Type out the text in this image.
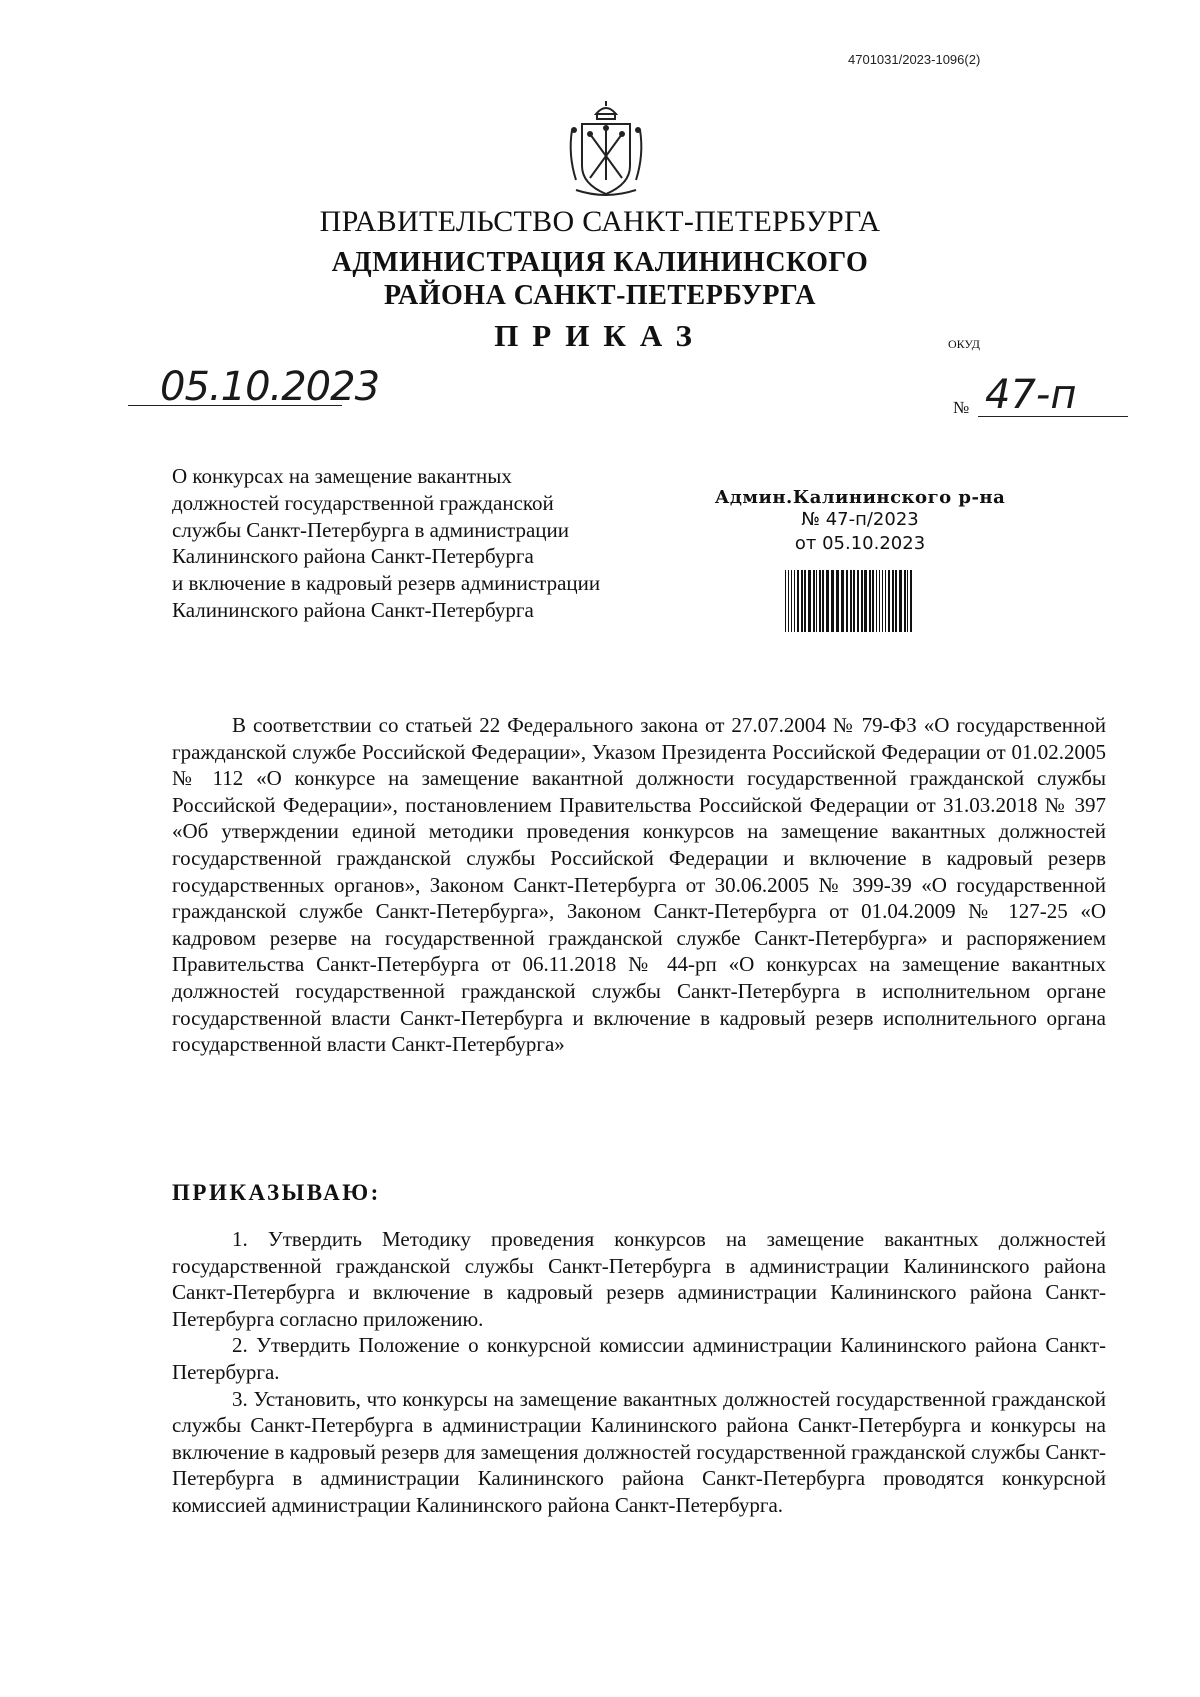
4701031/2023-1096(2)
ПРАВИТЕЛЬСТВО САНКТ-ПЕТЕРБУРГА
АДМИНИСТРАЦИЯ КАЛИНИНСКОГО
РАЙОНА САНКТ-ПЕТЕРБУРГА
ПРИКАЗ	ОКУД
05.10.2023	№ 47-п
О конкурсах на замещение вакантных
должностей государственной гражданской
службы Санкт-Петербурга в администрации
Калининского района Санкт-Петербурга
и включение в кадровый резерв администрации
Калининского района Санкт-Петербурга
Админ.Калининского р-на
№ 47-п/2023
от 05.10.2023
В соответствии со статьей 22 Федерального закона от 27.07.2004 № 79-ФЗ «О государственной гражданской службе Российской Федерации», Указом Президента Российской Федерации от 01.02.2005 № 112 «О конкурсе на замещение вакантной должности государственной гражданской службы Российской Федерации», постановлением Правительства Российской Федерации от 31.03.2018 № 397 «Об утверждении единой методики проведения конкурсов на замещение вакантных должностей государственной гражданской службы Российской Федерации и включение в кадровый резерв государственных органов», Законом Санкт-Петербурга от 30.06.2005 № 399-39 «О государственной гражданской службе Санкт-Петербурга», Законом Санкт-Петербурга от 01.04.2009 № 127-25 «О кадровом резерве на государственной гражданской службе Санкт-Петербурга» и распоряжением Правительства Санкт-Петербурга от 06.11.2018 № 44-рп «О конкурсах на замещение вакантных должностей государственной гражданской службы Санкт-Петербурга в исполнительном органе государственной власти Санкт-Петербурга и включение в кадровый резерв исполнительного органа государственной власти Санкт-Петербурга»
ПРИКАЗЫВАЮ:

1. Утвердить Методику проведения конкурсов на замещение вакантных должностей государственной гражданской службы Санкт-Петербурга в администрации Калининского района Санкт-Петербурга и включение в кадровый резерв администрации Калининского района Санкт-Петербурга согласно приложению.

2. Утвердить Положение о конкурсной комиссии администрации Калининского района Санкт-Петербурга.

3. Установить, что конкурсы на замещение вакантных должностей государственной гражданской службы Санкт-Петербурга в администрации Калининского района Санкт-Петербурга и конкурсы на включение в кадровый резерв для замещения должностей государственной гражданской службы Санкт-Петербурга в администрации Калининского района Санкт-Петербурга проводятся конкурсной комиссией администрации Калининского района Санкт-Петербурга.
